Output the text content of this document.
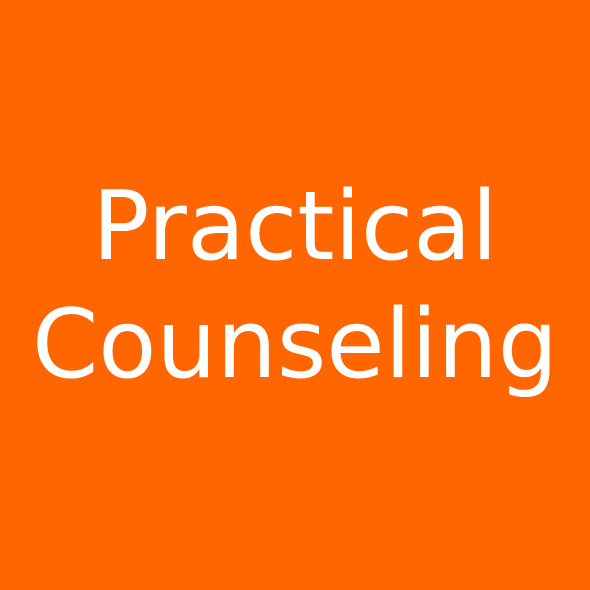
Practical
Counseling
